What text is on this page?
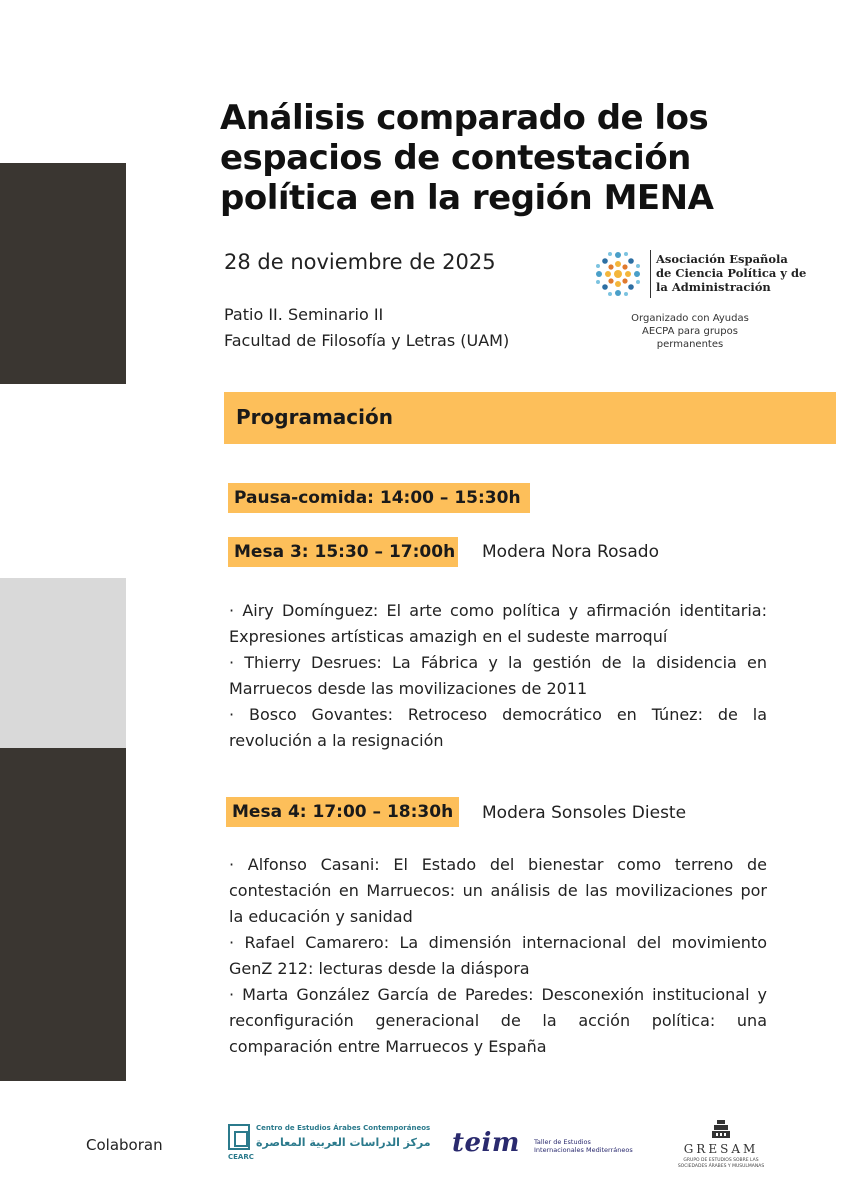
Análisis comparado de los
espacios de contestación
política en la región MENA
28 de noviembre de 2025
Patio II. Seminario II
Facultad de Filosofía y Letras (UAM)
Asociación Española
de Ciencia Política y de
la Administración
Organizado con Ayudas
AECPA para grupos
permanentes
Programación
Pausa-comida: 14:00 – 15:30h
Mesa 3: 15:30 – 17:00h Modera Nora Rosado

· Airy Domínguez: El arte como política y afirmación identitaria: Expresiones artísticas amazigh en el sudeste marroquí

· Thierry Desrues: La Fábrica y la gestión de la disidencia en Marruecos desde las movilizaciones de 2011

· Bosco Govantes: Retroceso democrático en Túnez: de la revolución a la resignación

Mesa 4: 17:00 – 18:30h	Modera Sonsoles Dieste

· Alfonso Casani: El Estado del bienestar como terreno de contestación en Marruecos: un análisis de las movilizaciones por la educación y sanidad

· Rafael Camarero: La dimensión internacional del movimiento GenZ 212: lecturas desde la diáspora

· Marta González García de Paredes: Desconexión institucional y reconfiguración generacional de la acción política: una comparación entre Marruecos y España

Colaboran
Centro de Estudios Árabes Contemporáneos
مركز الدراسات العربية المعاصرة
CEARC	teim Taller de Estudios
Internacionales Mediterráneos	GRESAM
GRUPO DE ESTUDIOS SOBRE LAS SOCIEDADES ÁRABES Y MUSULMANAS
